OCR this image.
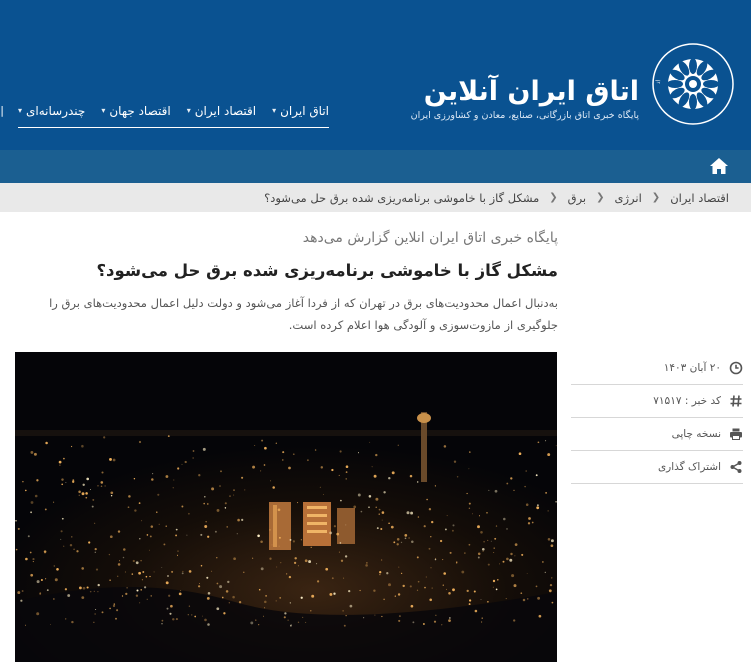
ات
اتاق ایران آنلاین
پایگاه خبری اتاق بازرگانی، صنایع، معادن و کشاورزی ایران
اتاق ایران
▾
اقتصاد ایران
▾
اقتصاد جهان
▾
چندرسانه‌ای
▾
|
اقتصاد ایران
❮
انرژی
❮
برق
❮
مشکل گاز با خاموشی برنامه‌ریزی شده برق حل می‌شود؟
پایگاه خبری اتاق ایران انلاین گزارش می‌دهد
مشکل گاز با خاموشی برنامه‌ریزی شده برق حل می‌شود؟

به‌دنبال اعمال محدودیت‌های برق در تهران که از فردا آغاز می‌شود و دولت دلیل اعمال محدودیت‌های برق را جلوگیری از مازوت‌سوزی و آلودگی هوا اعلام کرده است.

۲۰ آبان ۱۴۰۳
کد خبر : ۷۱۵۱۷
نسخه چاپی
اشتراک گذاری
